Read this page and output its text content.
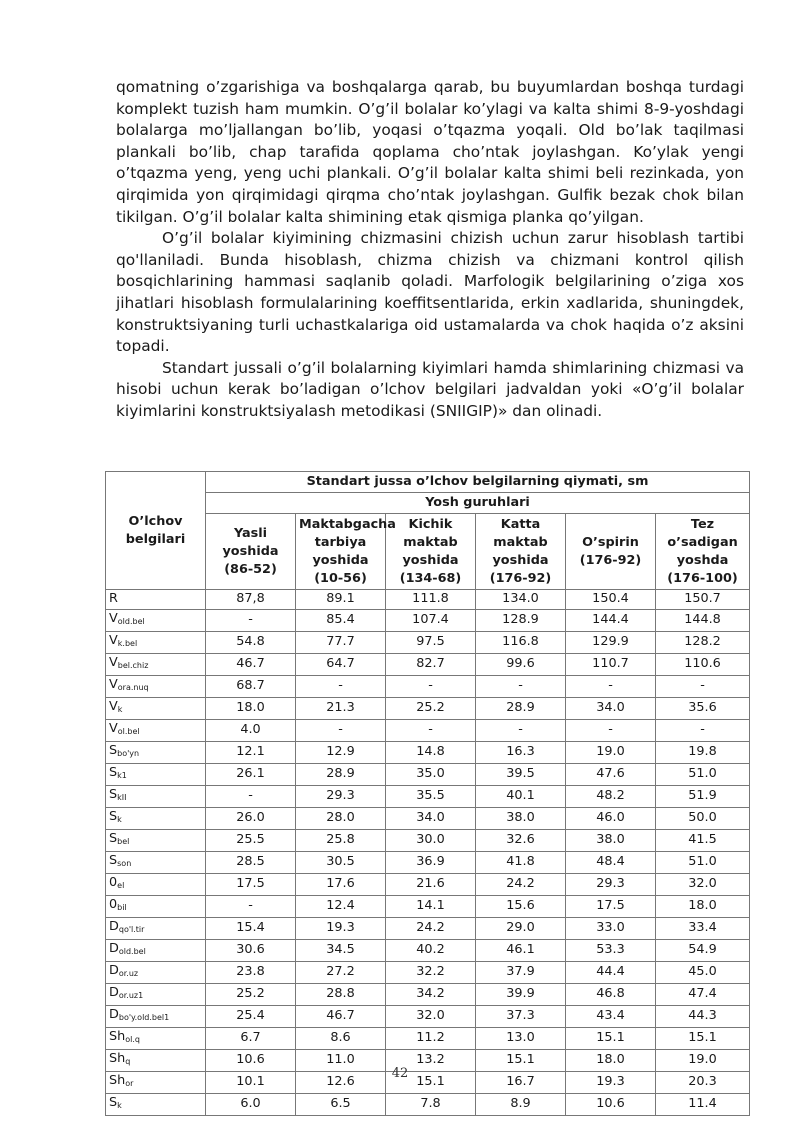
qomatning o’zgarishiga va boshqalarga qarab, bu buyumlardan boshqa turdagi komplekt tuzish ham mumkin. O’g’il bolalar ko’ylagi va kalta shimi 8-9-yoshdagi bolalarga mo’ljallangan bo’lib, yoqasi o’tqazma yoqali. Old bo’lak taqilmasi plankali bo’lib, chap tarafida qoplama cho’ntak joylashgan. Ko’ylak yengi o’tqazma yeng, yeng uchi plankali. O’g’il bolalar kalta shimi beli rezinkada, yon qirqimida yon qirqimidagi qirqma cho’ntak joylashgan. Gulfik bezak chok bilan tikilgan. O’g’il bolalar kalta shimining etak qismiga planka qo’yilgan.

O’g’il bolalar kiyimining chizmasini chizish uchun zarur hisoblash tartibi qo'llaniladi. Bunda hisoblash, chizma chizish va chizmani kontrol qilish bosqichlarining hammasi saqlanib qoladi. Marfologik belgilarining o’ziga xos jihatlari hisoblash formulalarining koeffitsentlarida, erkin xadlarida, shuningdek, konstruktsiyaning turli uchastkalariga oid ustamalarda va chok haqida o’z aksini topadi.

Standart jussali o’g’il bolalarning kiyimlari hamda shimlarining chizmasi va hisobi uchun kerak bo’ladigan o’lchov belgilari jadvaldan yoki «O’g’il bolalar kiyimlarini konstruktsiyalash metodikasi (SNIIGIP)» dan olinadi.

O’lchov belgilari	Standart jussa o’lchov belgilarning qiymati, sm					
	Yosh guruhlari					
	Yasli yoshida (86-52)	Maktabgacha tarbiya yoshida (10-56)	Kichik maktab yoshida (134-68)	Katta maktab yoshida (176-92)	O’spirin (176-92)	Tez o’sadigan yoshda (176-100)
R	87,8	89.1	111.8	134.0	150.4	150.7
$V_{old.bel}$	-	85.4	107.4	128.9	144.4	144.8
$V_{k.bel}$	54.8	77.7	97.5	116.8	129.9	128.2
$V_{bel.chiz}$	46.7	64.7	82.7	99.6	110.7	110.6
$V_{ora.nuq}$	68.7	-	-	-	-	-
$V_k$	18.0	21.3	25.2	28.9	34.0	35.6
$V_{ol.bel}$	4.0	-	-	-	-	-
$S_{bo'yn}$	12.1	12.9	14.8	16.3	19.0	19.8
$S_{k1}$	26.1	28.9	35.0	39.5	47.6	51.0
$S_{kII}$	-	29.3	35.5	40.1	48.2	51.9
$S_k$	26.0	28.0	34.0	38.0	46.0	50.0
$S_{bel}$	25.5	25.8	30.0	32.6	38.0	41.5
$S_{son}$	28.5	30.5	36.9	41.8	48.4	51.0
$0_{el}$	17.5	17.6	21.6	24.2	29.3	32.0
$0_{bil}$	-	12.4	14.1	15.6	17.5	18.0
$D_{qo'l.tir}$	15.4	19.3	24.2	29.0	33.0	33.4
$D_{old.bel}$	30.6	34.5	40.2	46.1	53.3	54.9
$D_{or.uz}$	23.8	27.2	32.2	37.9	44.4	45.0
$D_{or.uz1}$	25.2	28.8	34.2	39.9	46.8	47.4
$D_{bo'y.old.bel1}$	25.4	46.7	32.0	37.3	43.4	44.3
$Sh_{ol.q}$	6.7	8.6	11.2	13.0	15.1	15.1
$Sh_q$	10.6	11.0	13.2	15.1	18.0	19.0
$Sh_{or}$	10.1	12.6	15.1	16.7	19.3	20.3
$S_k$	6.0	6.5	7.8	8.9	10.6	11.4
42
